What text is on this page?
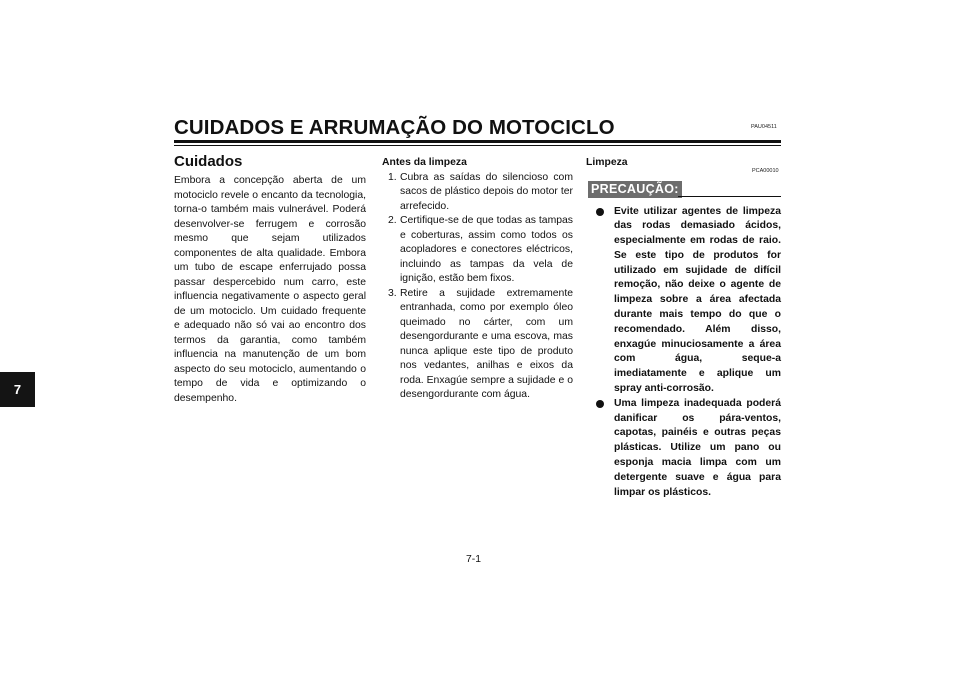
CUIDADOS E ARRUMAÇÃO DO MOTOCICLO	PAU04511
7
Cuidados

Embora a concepção aberta de um motociclo revele o encanto da tecnologia, torna-o também mais vulnerável. Poderá desenvolver-se ferrugem e corrosão mesmo que sejam utilizados componentes de alta qualidade. Embora um tubo de escape enferrujado possa passar despercebido num carro, este influencia negativamente o aspecto geral de um motociclo. Um cuidado frequente e adequado não só vai ao encontro dos termos da garantia, como também influencia na manutenção de um bom aspecto do seu motociclo, aumentando o tempo de vida e optimizando o desempenho.

Antes da limpeza

1. Cubra as saídas do silencioso com sacos de plástico depois do motor ter arrefecido.
2. Certifique-se de que todas as tampas e coberturas, assim como todos os acopladores e conectores eléctricos, incluindo as tampas da vela de ignição, estão bem fixos.
3. Retire a sujidade extremamente entranhada, como por exemplo óleo queimado no cárter, com um desengordurante e uma escova, mas nunca aplique este tipo de produto nos vedantes, anilhas e eixos da roda. Enxagúe sempre a sujidade e o desengordurante com água.
PCA00010

Limpeza

PRECAUÇÃO:
Evite utilizar agentes de limpeza das rodas demasiado ácidos, especialmente em rodas de raio. Se este tipo de produtos for utilizado em sujidade de difícil remoção, não deixe o agente de limpeza sobre a área afectada durante mais tempo do que o recomendado. Além disso, enxagúe minuciosamente a área com água, seque-a imediatamente e aplique um spray anti-corrosão.
Uma limpeza inadequada poderá danificar os pára-ventos, capotas, painéis e outras peças plásticas. Utilize um pano ou esponja macia limpa com um detergente suave e água para limpar os plásticos.
7-1
